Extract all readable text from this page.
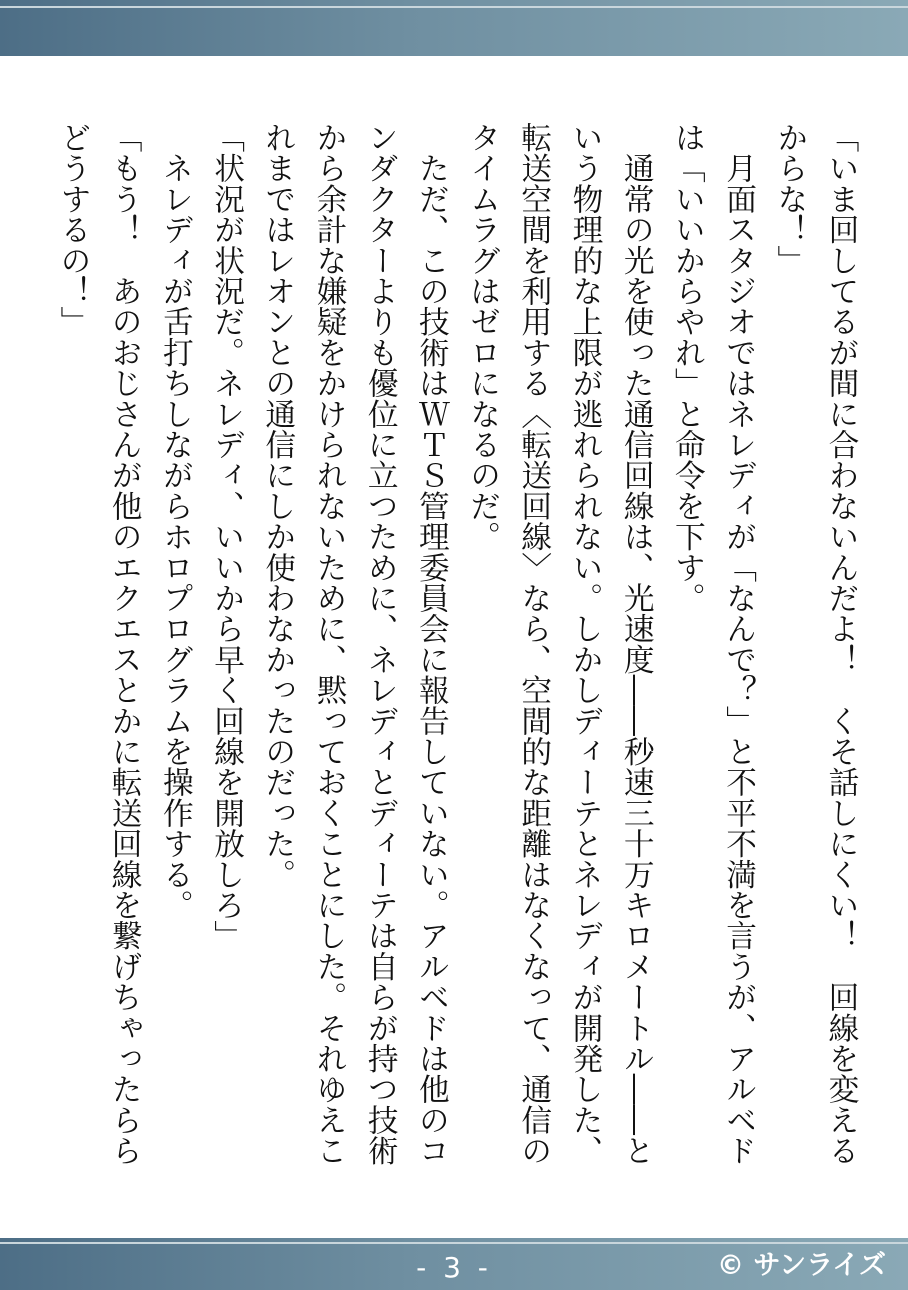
「いま回してるが間に合わないんだよ！　くそ話しにくい！　回線を変えるからな！」

　月面スタジオではネレディが「なんで？」と不平不満を言うが、アルベドは「いいからやれ」と命令を下す。

　通常の光を使った通信回線は、光速度――秒速三十万キロメートル――という物理的な上限が逃れられない。しかしディーテとネレディが開発した、転送空間を利用する〈転送回線〉なら、空間的な距離はなくなって、通信のタイムラグはゼロになるのだ。

　ただ、この技術はＷＴＳ管理委員会に報告していない。アルベドは他のコンダクターよりも優位に立つために、ネレディとディーテは自らが持つ技術から余計な嫌疑をかけられないために、黙っておくことにした。それゆえこれまではレオンとの通信にしか使わなかったのだった。

「状況が状況だ。ネレディ、いいから早く回線を開放しろ」

　ネレディが舌打ちしながらホロプログラムを操作する。

「もう！　あのおじさんが他のエクエスとかに転送回線を繋げちゃったららどうするの！」

- 3 -	© サンライズ
